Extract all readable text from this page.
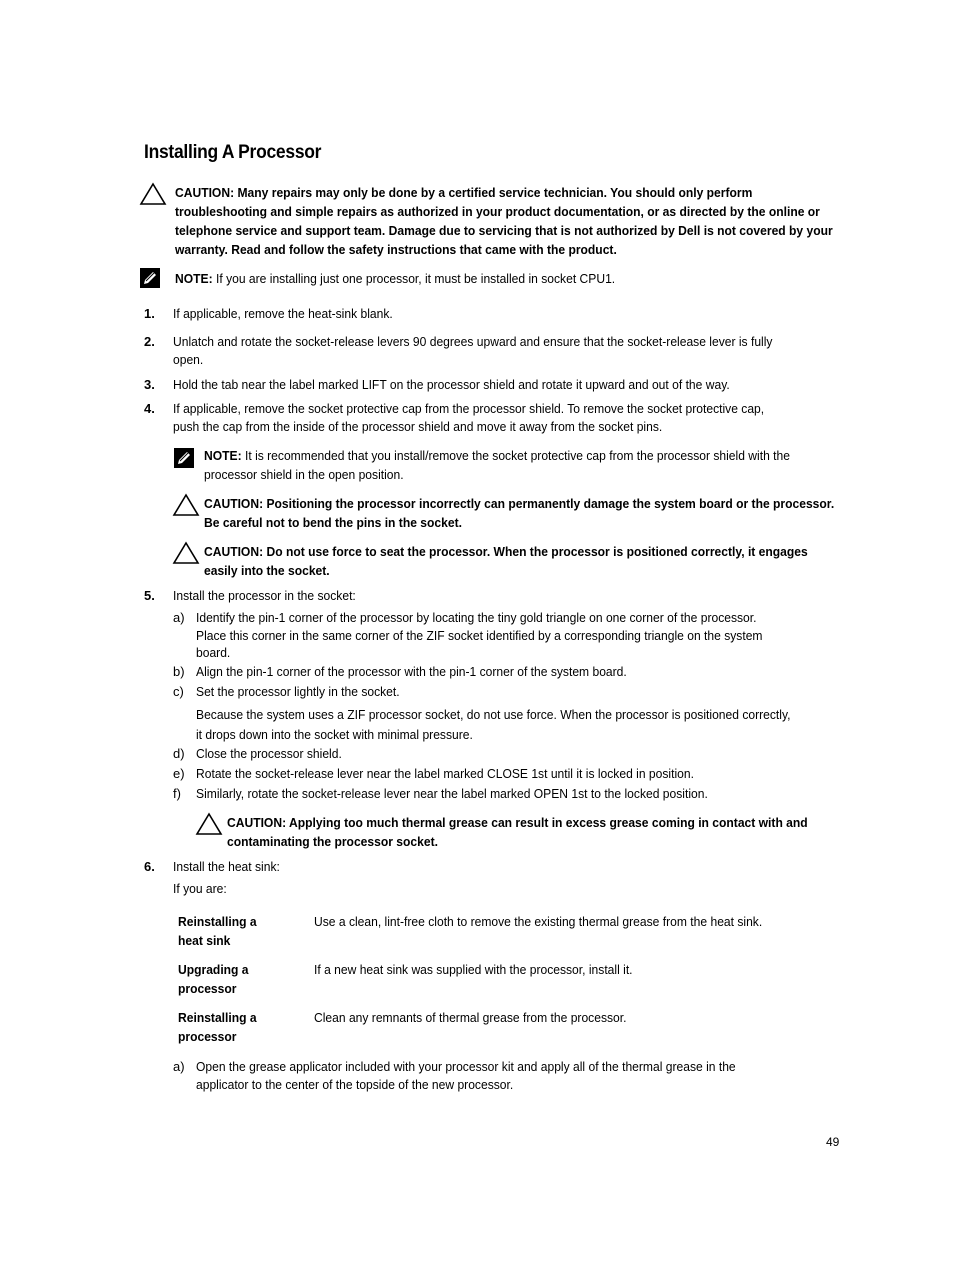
Installing A Processor
CAUTION: Many repairs may only be done by a certified service technician. You should only perform
troubleshooting and simple repairs as authorized in your product documentation, or as directed by the online or
telephone service and support team. Damage due to servicing that is not authorized by Dell is not covered by your
warranty. Read and follow the safety instructions that came with the product.
NOTE: If you are installing just one processor, it must be installed in socket CPU1.
1. If applicable, remove the heat-sink blank.
2. Unlatch and rotate the socket-release levers 90 degrees upward and ensure that the socket-release lever is fully
open.
3. Hold the tab near the label marked LIFT on the processor shield and rotate it upward and out of the way.
4. If applicable, remove the socket protective cap from the processor shield. To remove the socket protective cap,
push the cap from the inside of the processor shield and move it away from the socket pins.
NOTE: It is recommended that you install/remove the socket protective cap from the processor shield with the
processor shield in the open position.
CAUTION: Positioning the processor incorrectly can permanently damage the system board or the processor.
Be careful not to bend the pins in the socket.
CAUTION: Do not use force to seat the processor. When the processor is positioned correctly, it engages
easily into the socket.
5. Install the processor in the socket:
a) Identify the pin-1 corner of the processor by locating the tiny gold triangle on one corner of the processor.
Place this corner in the same corner of the ZIF socket identified by a corresponding triangle on the system
board.
b) Align the pin-1 corner of the processor with the pin-1 corner of the system board.
c) Set the processor lightly in the socket.
Because the system uses a ZIF processor socket, do not use force. When the processor is positioned correctly,
it drops down into the socket with minimal pressure.
d) Close the processor shield.
e) Rotate the socket-release lever near the label marked CLOSE 1st until it is locked in position.
f) Similarly, rotate the socket-release lever near the label marked OPEN 1st to the locked position.
CAUTION: Applying too much thermal grease can result in excess grease coming in contact with and
contaminating the processor socket.
6. Install the heat sink:
If you are:
Reinstalling a
heat sink
Use a clean, lint-free cloth to remove the existing thermal grease from the heat sink.
Upgrading a
processor
If a new heat sink was supplied with the processor, install it.
Reinstalling a
processor
Clean any remnants of thermal grease from the processor.
a) Open the grease applicator included with your processor kit and apply all of the thermal grease in the
applicator to the center of the topside of the new processor.
49
